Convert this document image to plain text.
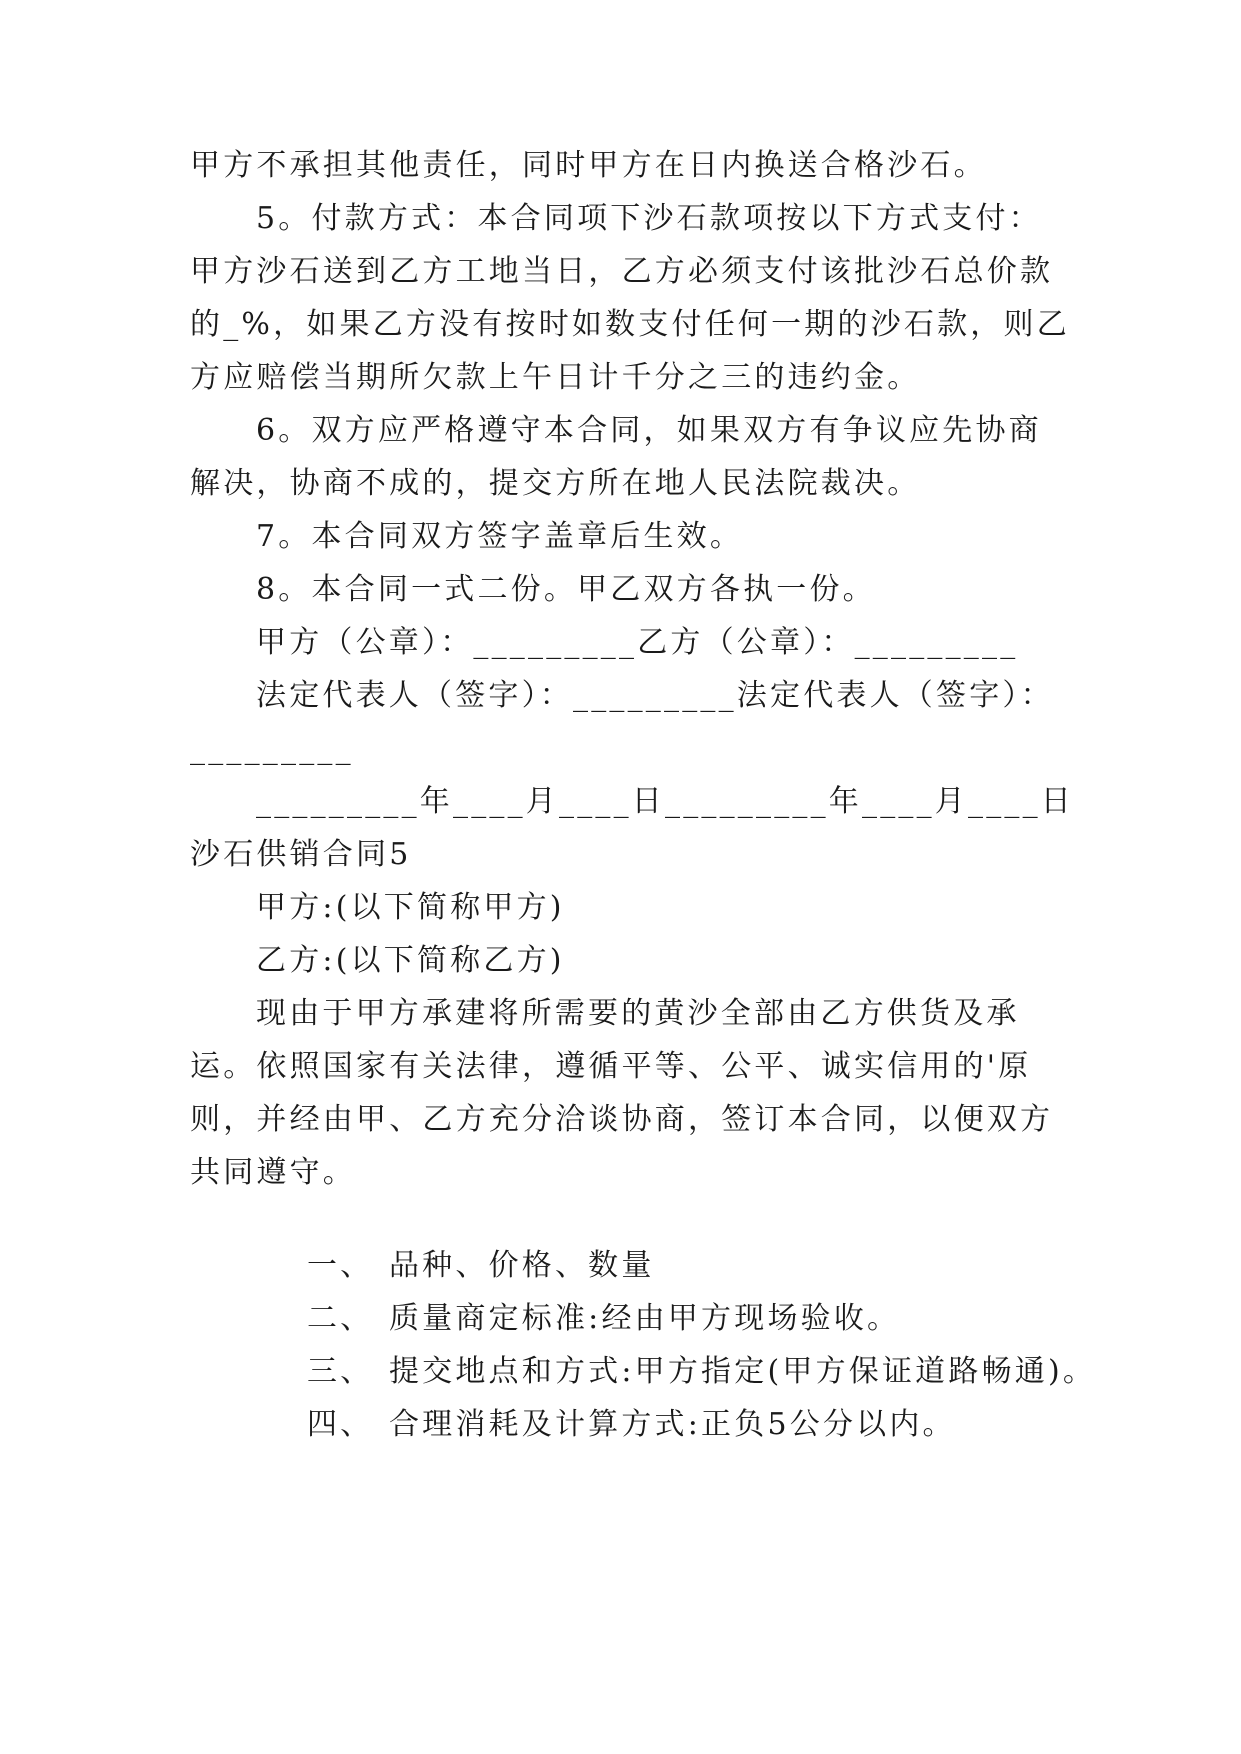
甲方不承担其他责任，同时甲方在日内换送合格沙石。
5。付款方式：本合同项下沙石款项按以下方式支付：
甲方沙石送到乙方工地当日，乙方必须支付该批沙石总价款
的_%，如果乙方没有按时如数支付任何一期的沙石款，则乙
方应赔偿当期所欠款上午日计千分之三的违约金。
6。双方应严格遵守本合同，如果双方有争议应先协商
解决，协商不成的，提交方所在地人民法院裁决。
7。本合同双方签字盖章后生效。
8。本合同一式二份。甲乙双方各执一份。
甲方（公章）：_________乙方（公章）：_________
法定代表人（签字）：_________法定代表人（签字）：
_________
_________年____月____日_________年____月____日
沙石供销合同5
甲方:(以下简称甲方)
乙方:(以下简称乙方)
现由于甲方承建将所需要的黄沙全部由乙方供货及承
运。依照国家有关法律，遵循平等、公平、诚实信用的'原
则，并经由甲、乙方充分洽谈协商，签订本合同，以便双方
共同遵守。

一、 品种、价格、数量

二、 质量商定标准:经由甲方现场验收。

三、 提交地点和方式:甲方指定(甲方保证道路畅通)。

四、 合理消耗及计算方式:正负5公分以内。
